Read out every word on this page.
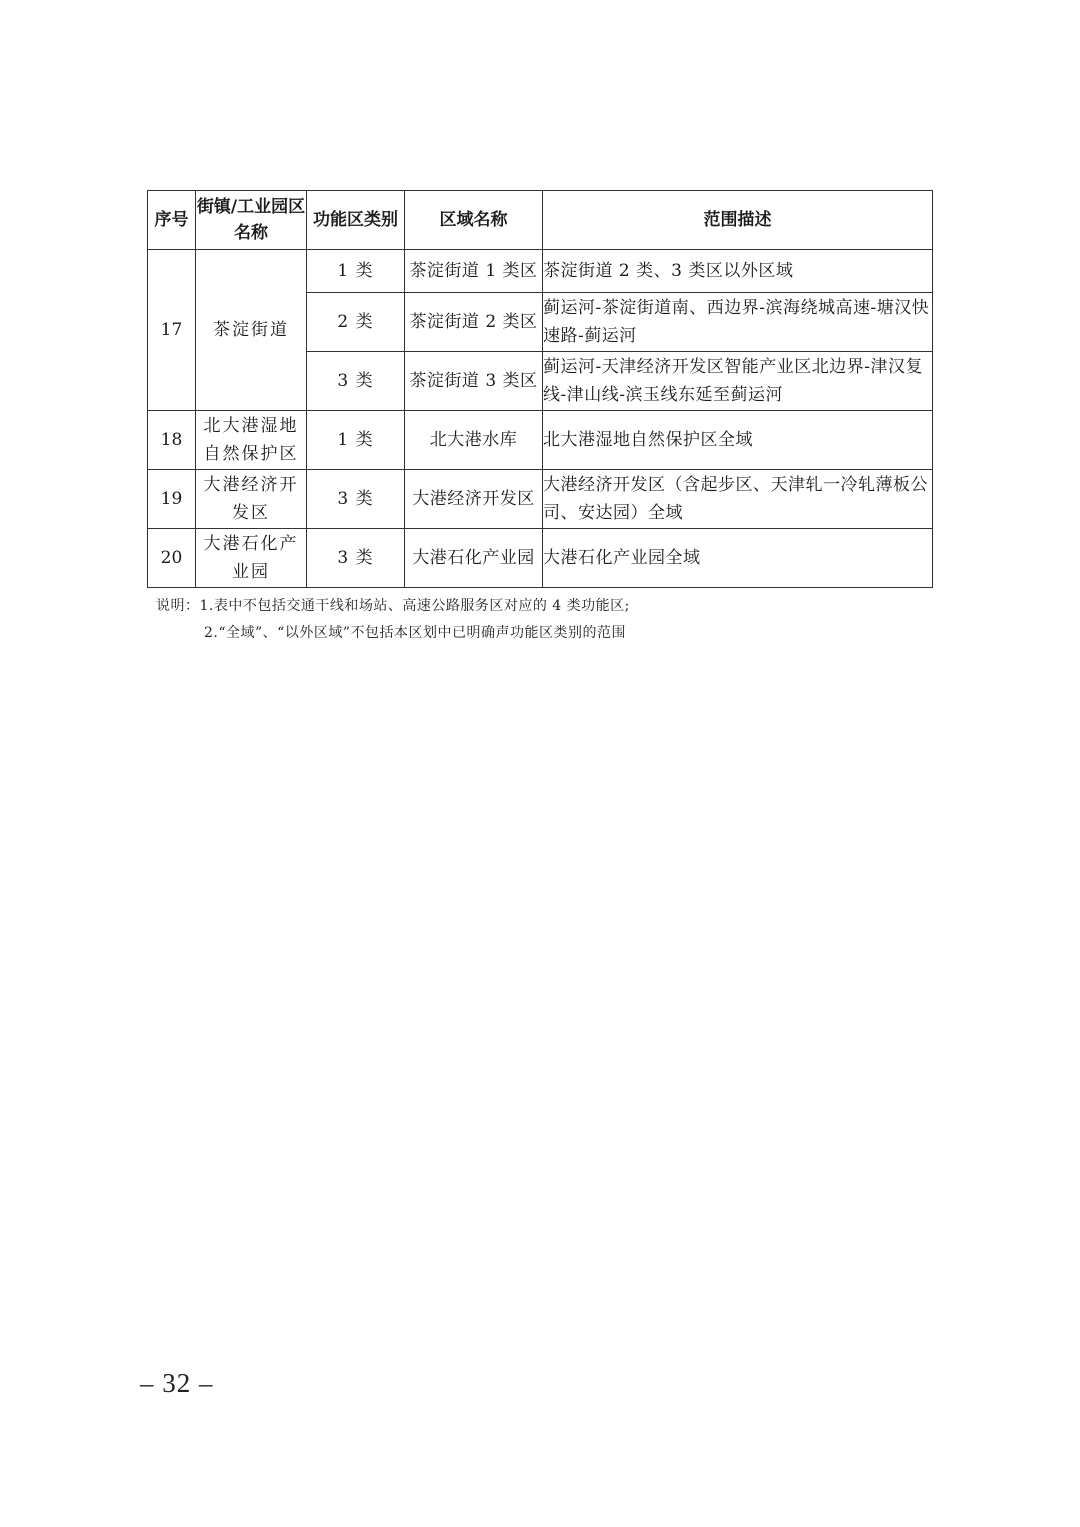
序号	街镇/工业园区名称	功能区类别	区域名称	范围描述
17	茶淀街道	1 类	茶淀街道 1 类区	茶淀街道 2 类、3 类区以外区域
		2 类	茶淀街道 2 类区	蓟运河-茶淀街道南、西边界-滨海绕城高速-塘汉快速路-蓟运河
		3 类	茶淀街道 3 类区	蓟运河-天津经济开发区智能产业区北边界-津汉复线-津山线-滨玉线东延至蓟运河
18	北大港湿地自然保护区	1 类	北大港水库	北大港湿地自然保护区全域
19	大港经济开发区	3 类	大港经济开发区	大港经济开发区（含起步区、天津轧一冷轧薄板公司、安达园）全域
20	大港石化产业园	3 类	大港石化产业园	大港石化产业园全域
说明：1.表中不包括交通干线和场站、高速公路服务区对应的 4 类功能区;
2.“全域”、“以外区域”不包括本区划中已明确声功能区类别的范围
– 32 –
